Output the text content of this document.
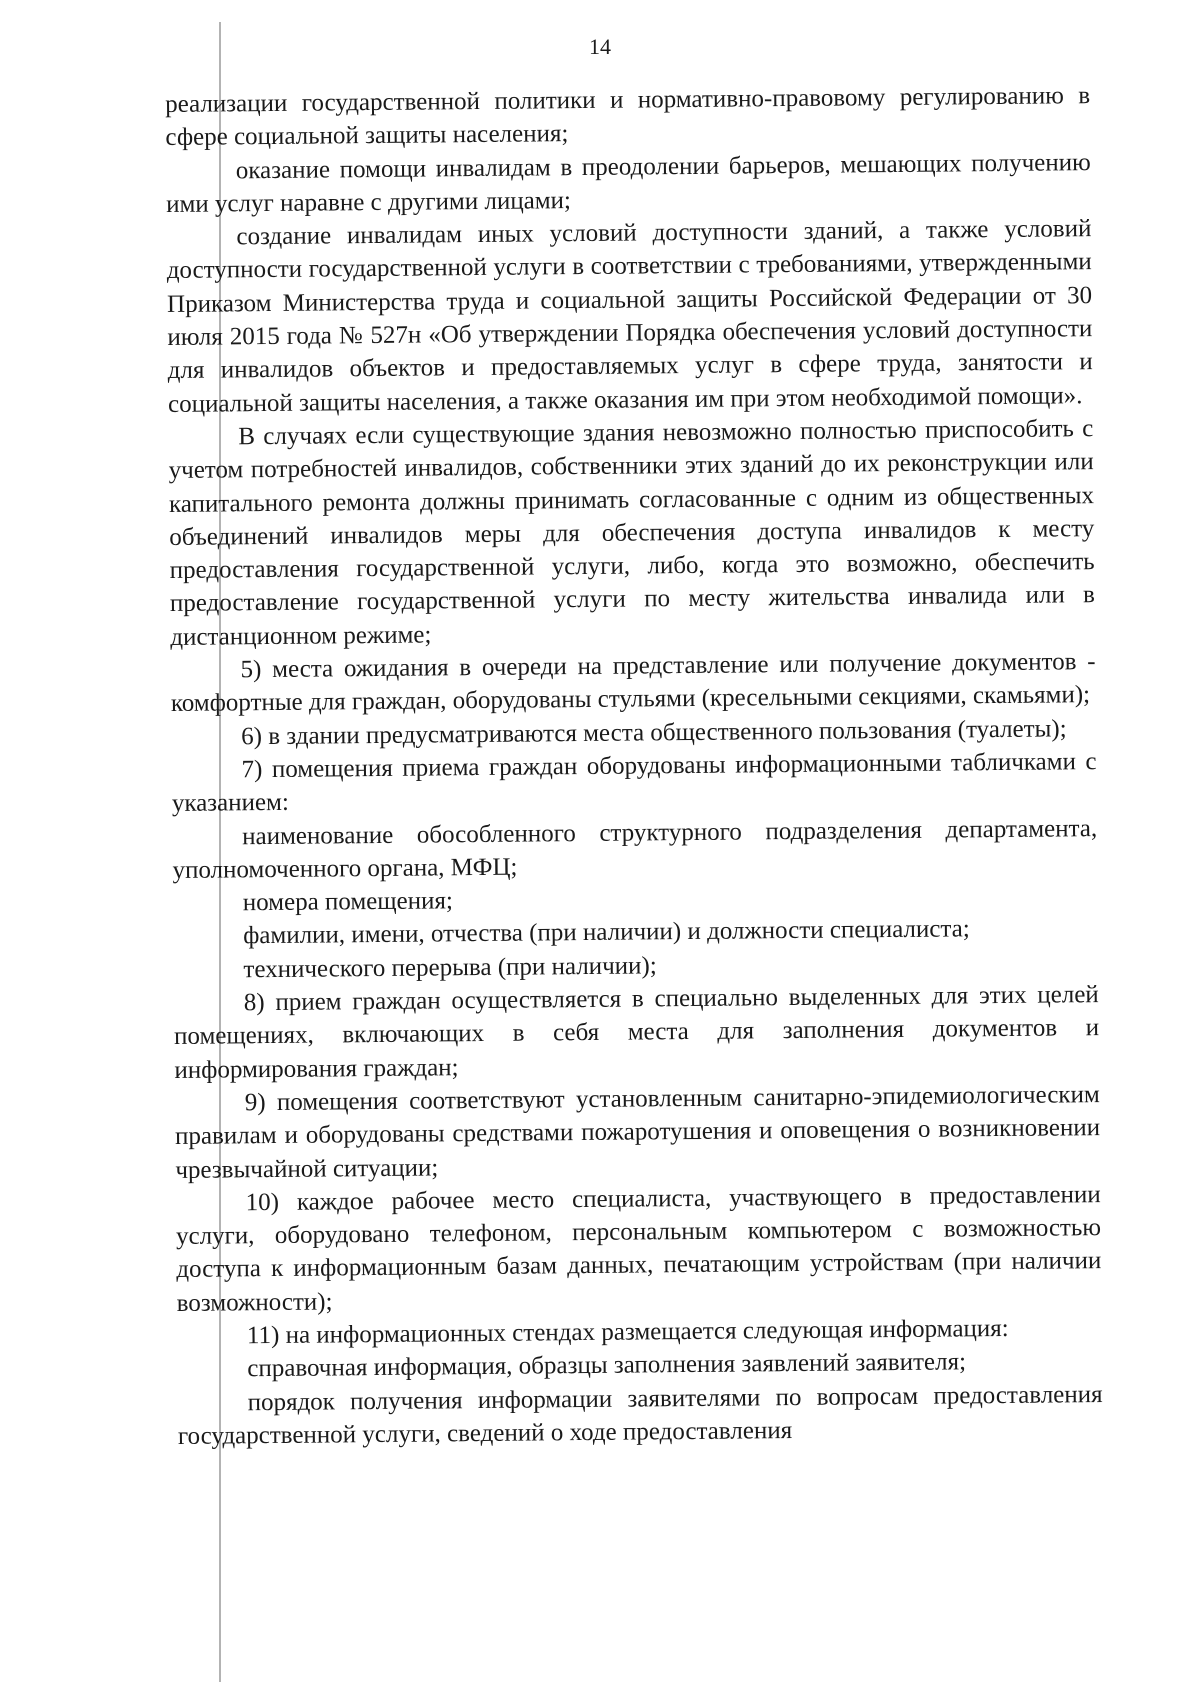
14

реализации государственной политики и нормативно-правовому регулированию в сфере социальной защиты населения;

оказание помощи инвалидам в преодолении барьеров, мешающих получению ими услуг наравне с другими лицами;

создание инвалидам иных условий доступности зданий, а также условий доступности государственной услуги в соответствии с требованиями, утвержденными Приказом Министерства труда и социальной защиты Российской Федерации от 30 июля 2015 года № 527н «Об утверждении Порядка обеспечения условий доступности для инвалидов объектов и предоставляемых услуг в сфере труда, занятости и социальной защиты населения, а также оказания им при этом необходимой помощи».

В случаях если существующие здания невозможно полностью приспособить с учетом потребностей инвалидов, собственники этих зданий до их реконструкции или капитального ремонта должны принимать согласованные с одним из общественных объединений инвалидов меры для обеспечения доступа инвалидов к месту предоставления государственной услуги, либо, когда это возможно, обеспечить предоставление государственной услуги по месту жительства инвалида или в дистанционном режиме;

5) места ожидания в очереди на представление или получение документов - комфортные для граждан, оборудованы стульями (кресельными секциями, скамьями);

6) в здании предусматриваются места общественного пользования (туалеты);

7) помещения приема граждан оборудованы информационными табличками с указанием:

наименование обособленного структурного подразделения департамента, уполномоченного органа, МФЦ;

номера помещения;

фамилии, имени, отчества (при наличии) и должности специалиста;

технического перерыва (при наличии);

8) прием граждан осуществляется в специально выделенных для этих целей помещениях, включающих в себя места для заполнения документов и информирования граждан;

9) помещения соответствуют установленным санитарно-эпидемиологическим правилам и оборудованы средствами пожаротушения и оповещения о возникновении чрезвычайной ситуации;

10) каждое рабочее место специалиста, участвующего в предоставлении услуги, оборудовано телефоном, персональным компьютером с возможностью доступа к информационным базам данных, печатающим устройствам (при наличии возможности);

11) на информационных стендах размещается следующая информация:

справочная информация, образцы заполнения заявлений заявителя;

порядок получения информации заявителями по вопросам предоставления государственной услуги, сведений о ходе предоставления
